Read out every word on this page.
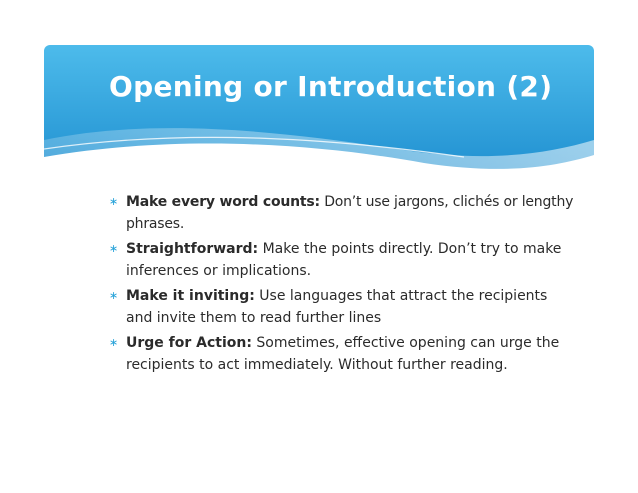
Opening or Introduction (2)
∗ Make every word counts: Don’t use jargons, clichés or lengthy phrases.
∗ Straightforward: Make the points directly. Don’t try to make inferences or implications.
∗ Make it inviting: Use languages that attract the recipients and invite them to read further lines
∗ Urge for Action: Sometimes, effective opening can urge the recipients to act immediately. Without further reading.
